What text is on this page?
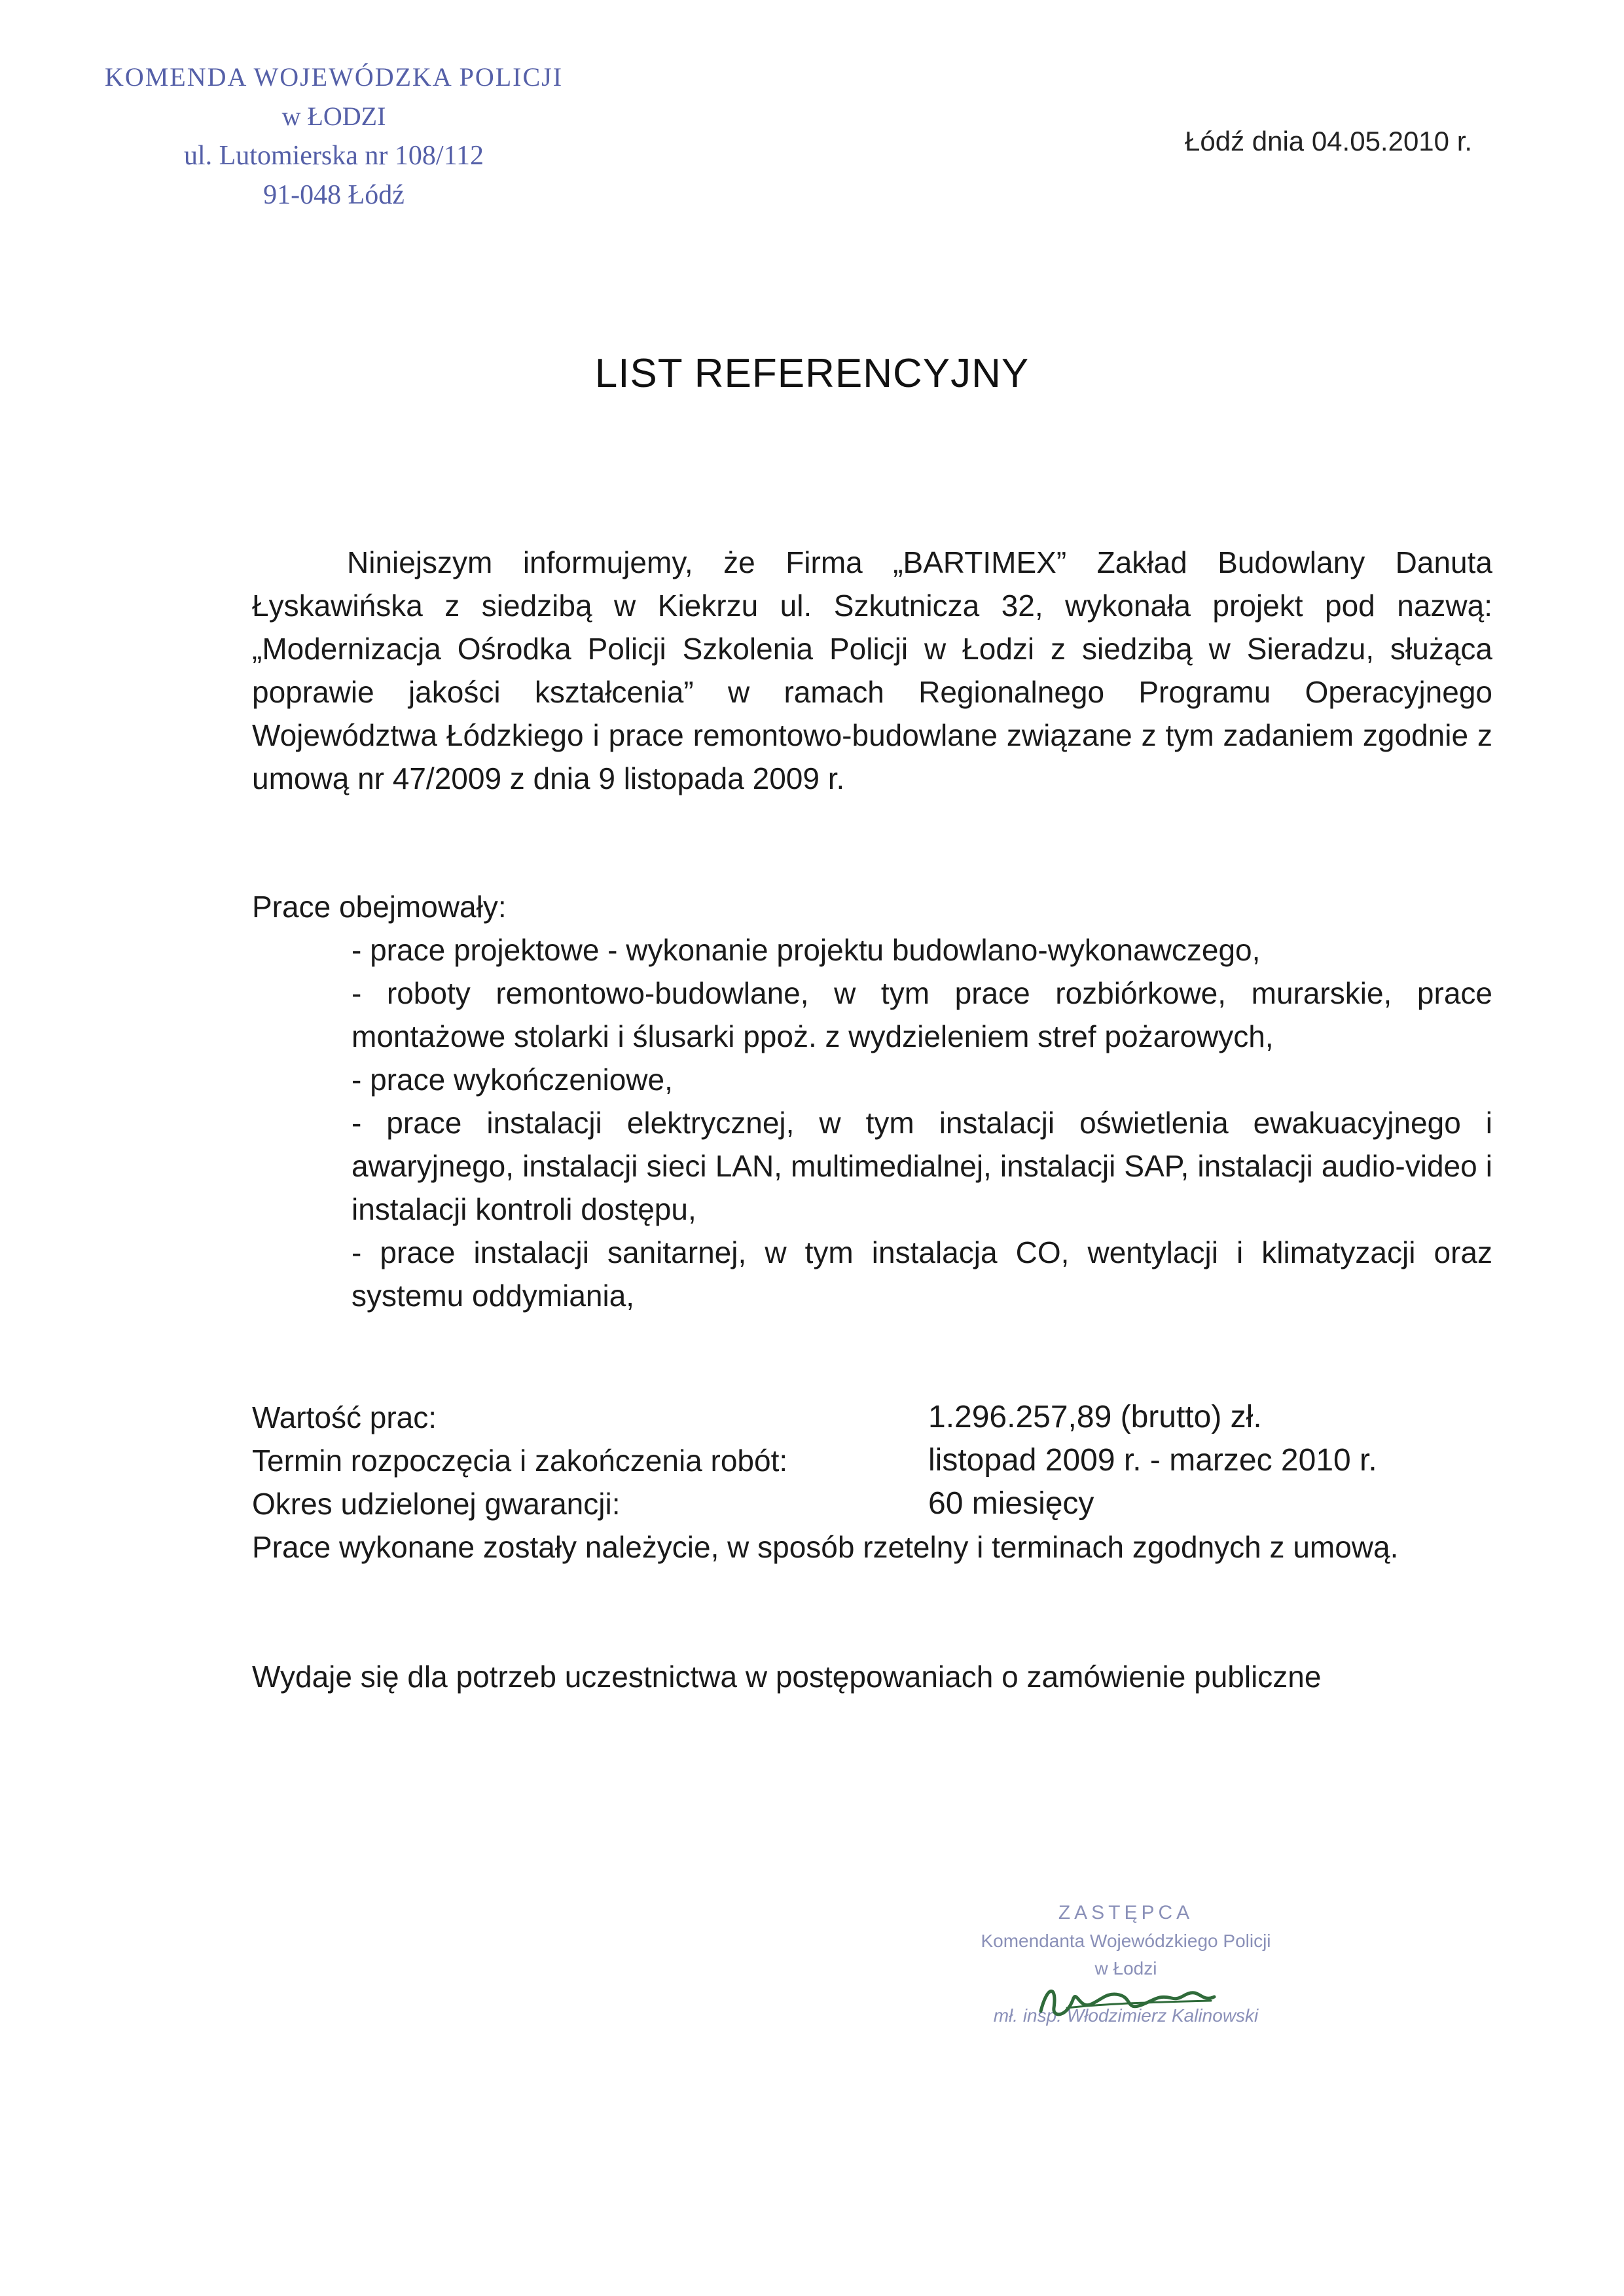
KOMENDA WOJEWÓDZKA POLICJI
w ŁODZI
ul. Lutomierska nr 108/112
91-048 Łódź
Łódź dnia 04.05.2010 r.
LIST REFERENCYJNY
Niniejszym informujemy, że Firma „BARTIMEX” Zakład Budowlany Danuta Łyskawińska z siedzibą w Kiekrzu ul. Szkutnicza 32, wykonała projekt pod nazwą: „Modernizacja Ośrodka Policji Szkolenia Policji w Łodzi z siedzibą w Sieradzu, służąca poprawie jakości kształcenia” w ramach Regionalnego Programu Operacyjnego Województwa Łódzkiego i prace remontowo-budowlane związane z tym zadaniem zgodnie z umową nr 47/2009 z dnia 9 listopada 2009 r.
Prace obejmowały:

- prace projektowe - wykonanie projektu budowlano-wykonawczego,

- roboty remontowo-budowlane, w tym prace rozbiórkowe, murarskie, prace montażowe stolarki i ślusarki ppoż. z wydzieleniem stref pożarowych,

- prace wykończeniowe,

- prace instalacji elektrycznej, w tym instalacji oświetlenia ewakuacyjnego i awaryjnego, instalacji sieci LAN, multimedialnej, instalacji SAP, instalacji audio-video i instalacji kontroli dostępu,

- prace instalacji sanitarnej, w tym instalacja CO, wentylacji i klimatyzacji oraz systemu oddymiania,

Wartość prac:	1.296.257,89 (brutto) zł.
Termin rozpoczęcia i zakończenia robót:	listopad 2009 r. - marzec 2010 r.
Okres udzielonej gwarancji:	60 miesięcy
Prace wykonane zostały należycie, w sposób rzetelny i terminach zgodnych z umową.
Wydaje się dla potrzeb uczestnictwa w postępowaniach o zamówienie publiczne
ZASTĘPCA
Komendanta Wojewódzkiego Policji
w Łodzi
mł. insp. Włodzimierz Kalinowski
